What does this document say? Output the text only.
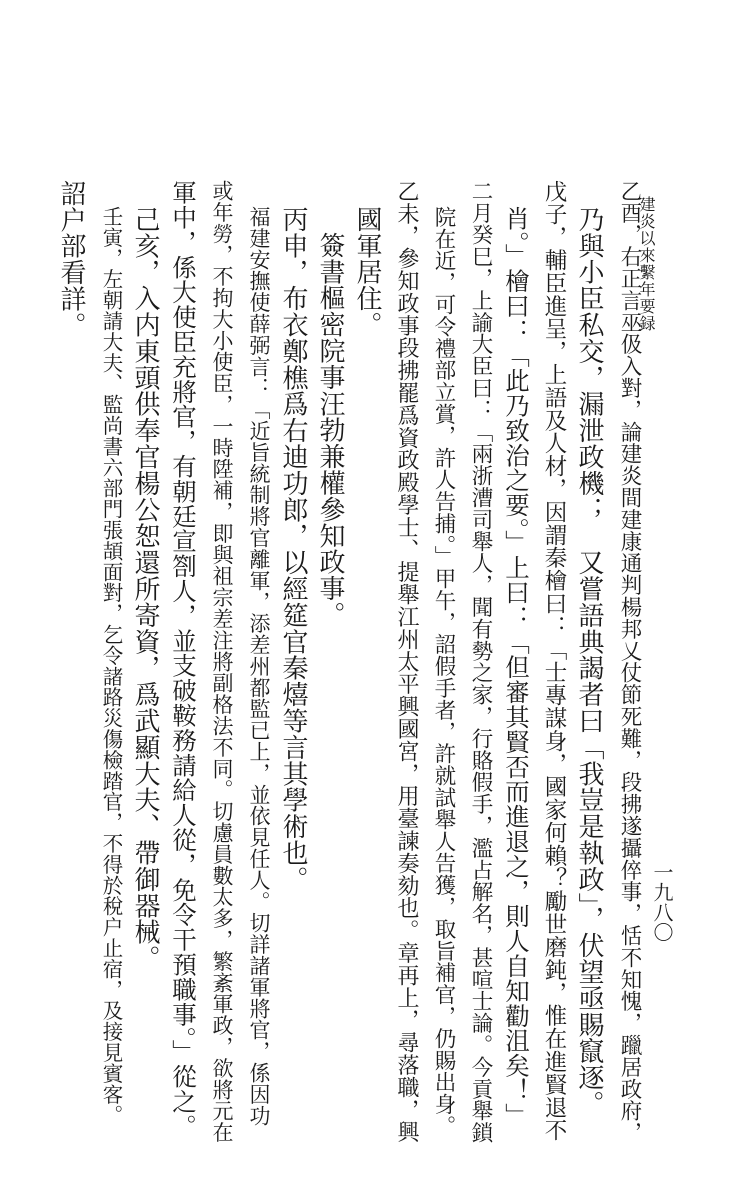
建炎以來繫年要録
一九八〇
乙酉，右正言巫伋入對，論建炎間建康通判楊邦乂仗節死難，段拂遂攝倅事，恬不知愧，躐居政府，
乃與小臣私交，漏泄政機；　又嘗語典謁者曰「我豈是執政」，伏望亟賜竄逐。
戊子，輔臣進呈，上語及人材，因謂秦檜曰：「士專謀身，國家何賴？勵世磨鈍，惟在進賢退不
肖。」檜曰：「此乃致治之要。」上曰：「但審其賢否而進退之，則人自知勸沮矣！」
二月癸巳，上諭大臣曰：「兩浙漕司舉人，聞有勢之家，行賂假手，濫占解名，甚喧士論。今貢舉鎖
院在近，可令禮部立賞，許人告捕。」甲午，詔假手者，許就試舉人告獲，取旨補官，仍賜出身。
乙未，參知政事段拂罷爲資政殿學士、提舉江州太平興國宮，用臺諫奏劾也。章再上，尋落職，興
國軍居住。
簽書樞密院事汪勃兼權參知政事。
丙申，布衣鄭樵爲右迪功郎，以經筵官秦熺等言其學術也。
福建安撫使薛弼言：「近旨統制將官離軍，添差州都監已上，並依見任人。切詳諸軍將官，係因功
或年勞，不拘大小使臣，一時陞補，即與祖宗差注將副格法不同。切慮員數太多，繁紊軍政，欲將元在
軍中，係大使臣充將官，有朝廷宣劄人，並支破鞍務請給人從，免令干預職事。」從之。
己亥，入内東頭供奉官楊公恕還所寄資，爲武顯大夫、帶御器械。
壬寅，左朝請大夫、監尚書六部門張頡面對，乞令諸路災傷檢踏官，不得於稅户止宿，及接見賓客。
詔户部看詳。
